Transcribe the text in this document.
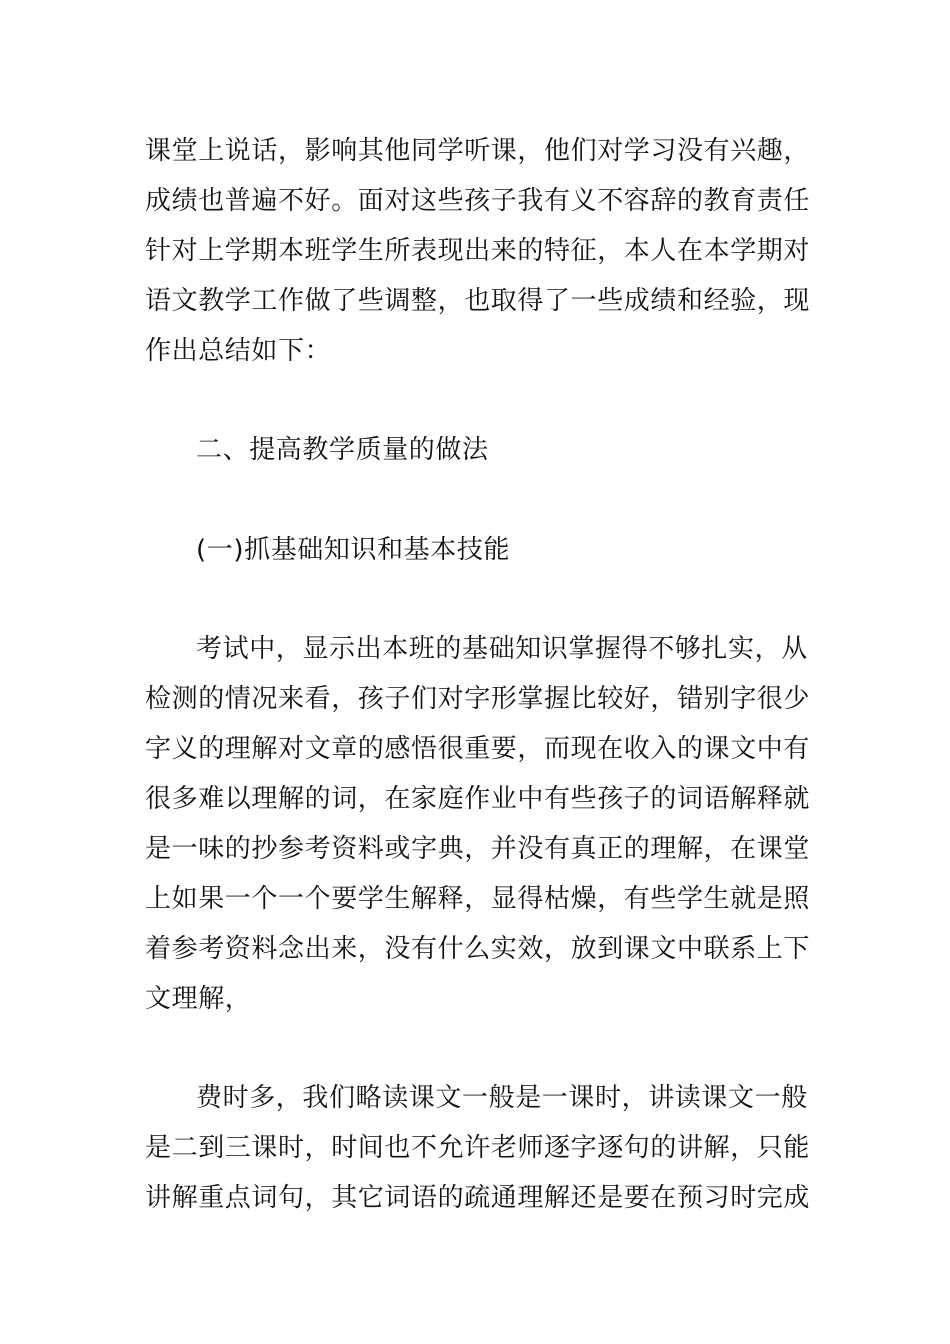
课堂上说话，影响其他同学听课，他们对学习没有兴趣，
成绩也普遍不好。面对这些孩子我有义不容辞的教育责任
针对上学期本班学生所表现出来的特征，本人在本学期对
语文教学工作做了些调整，也取得了一些成绩和经验，现
作出总结如下：
二、提高教学质量的做法
(一)抓基础知识和基本技能
考试中，显示出本班的基础知识掌握得不够扎实，从
检测的情况来看，孩子们对字形掌握比较好，错别字很少
字义的理解对文章的感悟很重要，而现在收入的课文中有
很多难以理解的词，在家庭作业中有些孩子的词语解释就
是一味的抄参考资料或字典，并没有真正的理解，在课堂
上如果一个一个要学生解释，显得枯燥，有些学生就是照
着参考资料念出来，没有什么实效，放到课文中联系上下
文理解，
费时多，我们略读课文一般是一课时，讲读课文一般
是二到三课时，时间也不允许老师逐字逐句的讲解，只能
讲解重点词句，其它词语的疏通理解还是要在预习时完成
